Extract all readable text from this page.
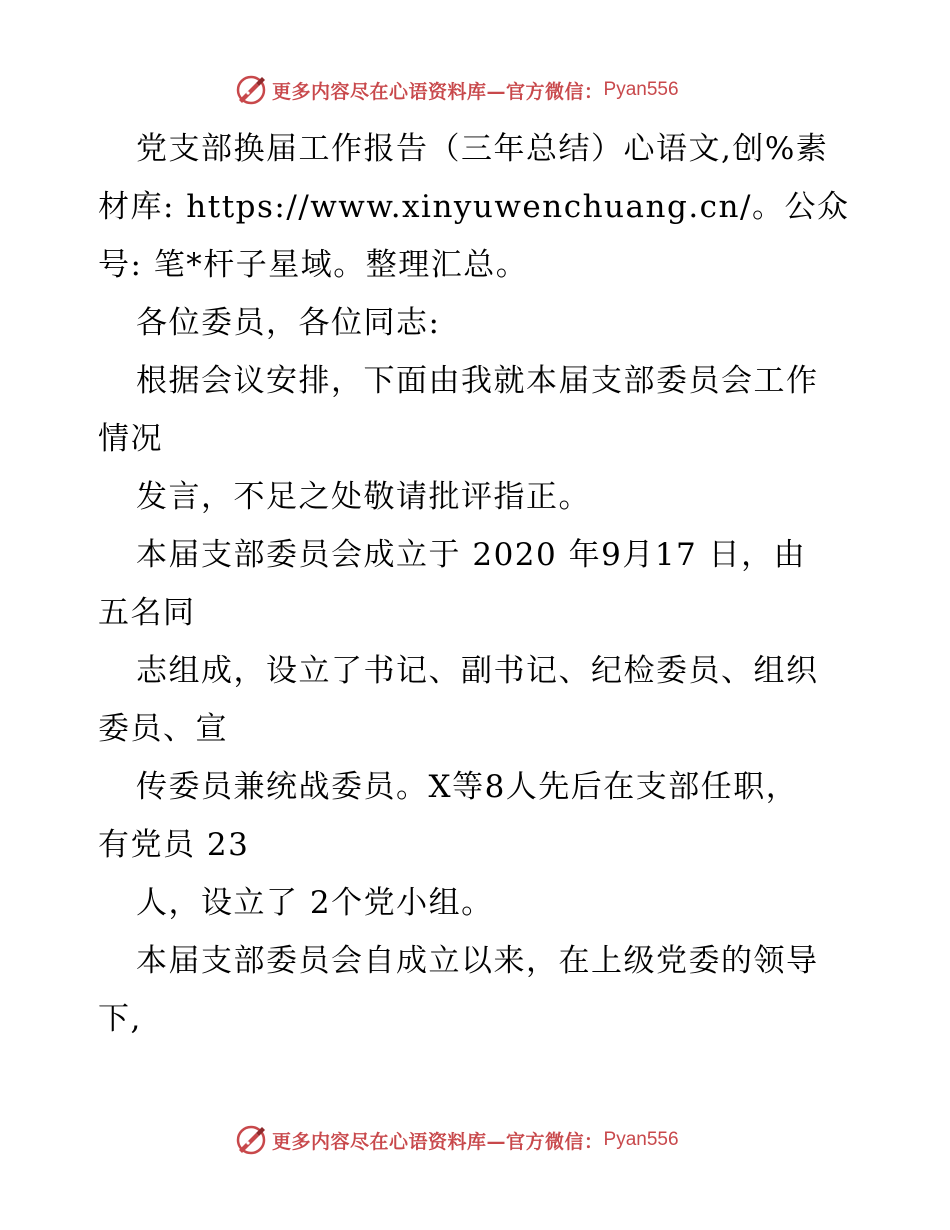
更多内容尽在心语资料库—官方微信： Pyan556
党支部换届工作报告（三年总结）心语文,创%素
材库: https://www.xinyuwenchuang.cn/。公众
号: 笔*杆子星域。整理汇总。
各位委员，各位同志:
根据会议安排，下面由我就本届支部委员会工作
情况
发言，不足之处敬请批评指正。
本届支部委员会成立于 2020 年9月17 日，由
五名同
志组成，设立了书记、副书记、纪检委员、组织
委员、宣
传委员兼统战委员。X等8人先后在支部任职，
有党员 23
人，设立了 2个党小组。
本届支部委员会自成立以来，在上级党委的领导
下,
更多内容尽在心语资料库—官方微信： Pyan556
